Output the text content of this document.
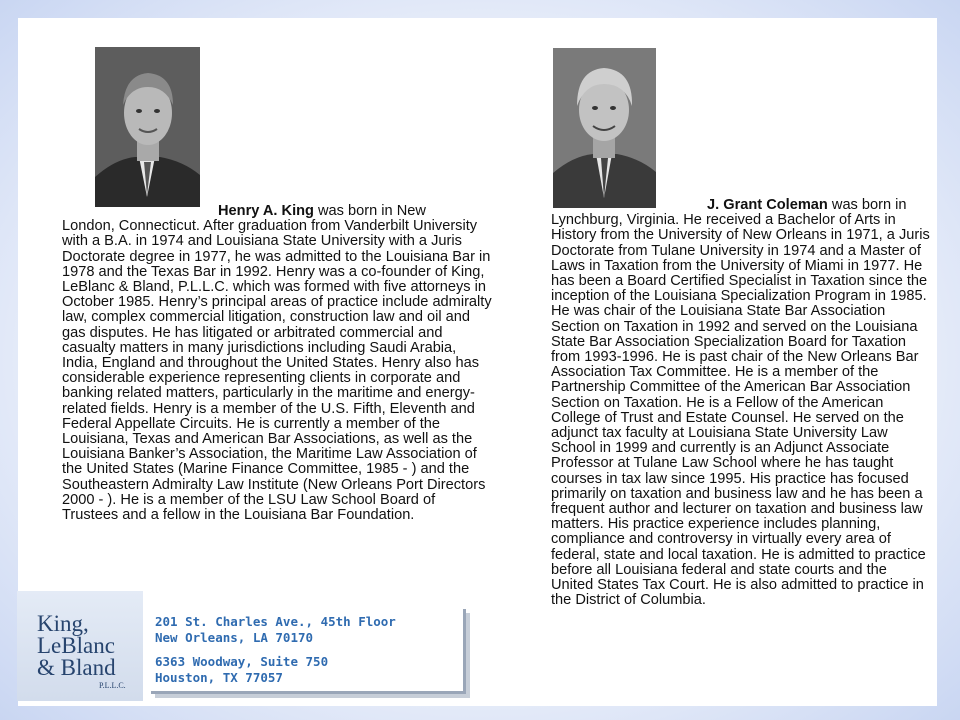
Henry A. King was born in New
London, Connecticut. After graduation from Vanderbilt University with a B.A. in 1974 and Louisiana State University with a Juris Doctorate degree in 1977, he was admitted to the Louisiana Bar in 1978 and the Texas Bar in 1992. Henry was a co-founder of King, LeBlanc & Bland, P.L.L.C. which was formed with five attorneys in October 1985. Henry’s principal areas of practice include admiralty law, complex commercial litigation, construction law and oil and gas disputes. He has litigated or arbitrated commercial and casualty matters in many jurisdictions including Saudi Arabia, India, England and throughout the United States. Henry also has considerable experience representing clients in corporate and banking related matters, particularly in the maritime and energy-related fields. Henry is a member of the U.S. Fifth, Eleventh and Federal Appellate Circuits. He is currently a member of the Louisiana, Texas and American Bar Associations, as well as the Louisiana Banker’s Association, the Maritime Law Association of the United States (Marine Finance Committee, 1985 - ) and the Southeastern Admiralty Law Institute (New Orleans Port Directors 2000 - ). He is a member of the LSU Law School Board of Trustees and a fellow in the Louisiana Bar Foundation.
J. Grant Coleman was born in
Lynchburg, Virginia. He received a Bachelor of Arts in History from the University of New Orleans in 1971, a Juris Doctorate from Tulane University in 1974 and a Master of Laws in Taxation from the University of Miami in 1977. He has been a Board Certified Specialist in Taxation since the inception of the Louisiana Specialization Program in 1985. He was chair of the Louisiana State Bar Association Section on Taxation in 1992 and served on the Louisiana State Bar Association Specialization Board for Taxation from 1993-1996. He is past chair of the New Orleans Bar Association Tax Committee. He is a member of the Partnership Committee of the American Bar Association Section on Taxation. He is a Fellow of the American College of Trust and Estate Counsel. He served on the adjunct tax faculty at Louisiana State University Law School in 1999 and currently is an Adjunct Associate Professor at Tulane Law School where he has taught courses in tax law since 1995. His practice has focused primarily on taxation and business law and he has been a frequent author and lecturer on taxation and business law matters. His practice experience includes planning, compliance and controversy in virtually every area of federal, state and local taxation. He is admitted to practice before all Louisiana federal and state courts and the United States Tax Court. He is also admitted to practice in the District of Columbia.
King,
LeBlanc
& Bland
P.L.L.C.
201 St. Charles Ave., 45th Floor
New Orleans, LA 70170
6363 Woodway, Suite 750
Houston, TX 77057
